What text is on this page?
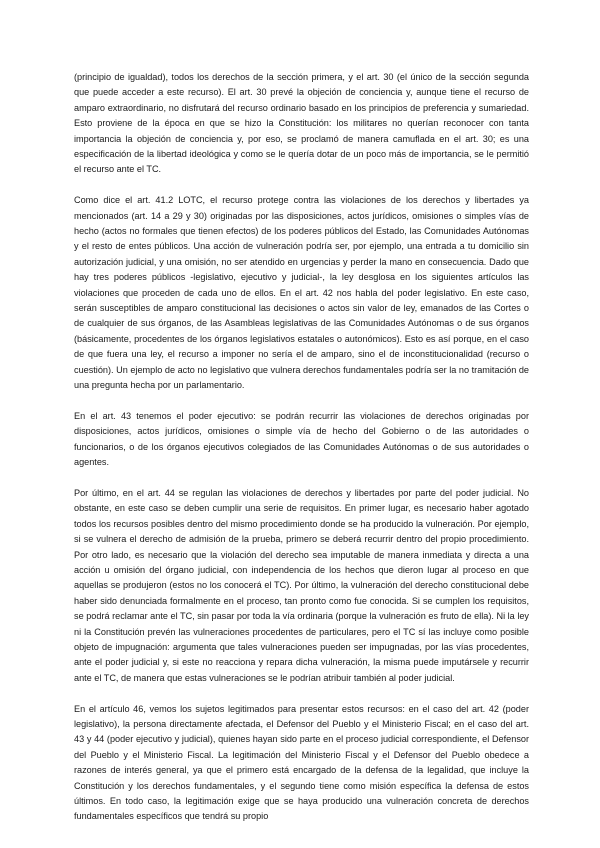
(principio de igualdad), todos los derechos de la sección primera, y el art. 30 (el único de la sección segunda que puede acceder a este recurso). El art. 30 prevé la objeción de conciencia y, aunque tiene el recurso de amparo extraordinario, no disfrutará del recurso ordinario basado en los principios de preferencia y sumariedad. Esto proviene de la época en que se hizo la Constitución: los militares no querían reconocer con tanta importancia la objeción de conciencia y, por eso, se proclamó de manera camuflada en el art. 30; es una especificación de la libertad ideológica y como se le quería dotar de un poco más de importancia, se le permitió el recurso ante el TC.

Como dice el art. 41.2 LOTC, el recurso protege contra las violaciones de los derechos y libertades ya mencionados (art. 14 a 29 y 30) originadas por las disposiciones, actos jurídicos, omisiones o simples vías de hecho (actos no formales que tienen efectos) de los poderes públicos del Estado, las Comunidades Autónomas y el resto de entes públicos. Una acción de vulneración podría ser, por ejemplo, una entrada a tu domicilio sin autorización judicial, y una omisión, no ser atendido en urgencias y perder la mano en consecuencia. Dado que hay tres poderes públicos -legislativo, ejecutivo y judicial-, la ley desglosa en los siguientes artículos las violaciones que proceden de cada uno de ellos. En el art. 42 nos habla del poder legislativo. En este caso, serán susceptibles de amparo constitucional las decisiones o actos sin valor de ley, emanados de las Cortes o de cualquier de sus órganos, de las Asambleas legislativas de las Comunidades Autónomas o de sus órganos (básicamente, procedentes de los órganos legislativos estatales o autonómicos). Esto es así porque, en el caso de que fuera una ley, el recurso a imponer no sería el de amparo, sino el de inconstitucionalidad (recurso o cuestión). Un ejemplo de acto no legislativo que vulnera derechos fundamentales podría ser la no tramitación de una pregunta hecha por un parlamentario.

En el art. 43 tenemos el poder ejecutivo: se podrán recurrir las violaciones de derechos originadas por disposiciones, actos jurídicos, omisiones o simple vía de hecho del Gobierno o de las autoridades o funcionarios, o de los órganos ejecutivos colegiados de las Comunidades Autónomas o de sus autoridades o agentes.

Por último, en el art. 44 se regulan las violaciones de derechos y libertades por parte del poder judicial. No obstante, en este caso se deben cumplir una serie de requisitos. En primer lugar, es necesario haber agotado todos los recursos posibles dentro del mismo procedimiento donde se ha producido la vulneración. Por ejemplo, si se vulnera el derecho de admisión de la prueba, primero se deberá recurrir dentro del propio procedimiento. Por otro lado, es necesario que la violación del derecho sea imputable de manera inmediata y directa a una acción u omisión del órgano judicial, con independencia de los hechos que dieron lugar al proceso en que aquellas se produjeron (estos no los conocerá el TC). Por último, la vulneración del derecho constitucional debe haber sido denunciada formalmente en el proceso, tan pronto como fue conocida. Si se cumplen los requisitos, se podrá reclamar ante el TC, sin pasar por toda la vía ordinaria (porque la vulneración es fruto de ella). Ni la ley ni la Constitución prevén las vulneraciones procedentes de particulares, pero el TC sí las incluye como posible objeto de impugnación: argumenta que tales vulneraciones pueden ser impugnadas, por las vías procedentes, ante el poder judicial y, si este no reacciona y repara dicha vulneración, la misma puede imputársele y recurrir ante el TC, de manera que estas vulneraciones se le podrían atribuir también al poder judicial.

En el artículo 46, vemos los sujetos legitimados para presentar estos recursos: en el caso del art. 42 (poder legislativo), la persona directamente afectada, el Defensor del Pueblo y el Ministerio Fiscal; en el caso del art. 43 y 44 (poder ejecutivo y judicial), quienes hayan sido parte en el proceso judicial correspondiente, el Defensor del Pueblo y el Ministerio Fiscal. La legitimación del Ministerio Fiscal y el Defensor del Pueblo obedece a razones de interés general, ya que el primero está encargado de la defensa de la legalidad, que incluye la Constitución y los derechos fundamentales, y el segundo tiene como misión específica la defensa de estos últimos. En todo caso, la legitimación exige que se haya producido una vulneración concreta de derechos fundamentales específicos que tendrá su propio
